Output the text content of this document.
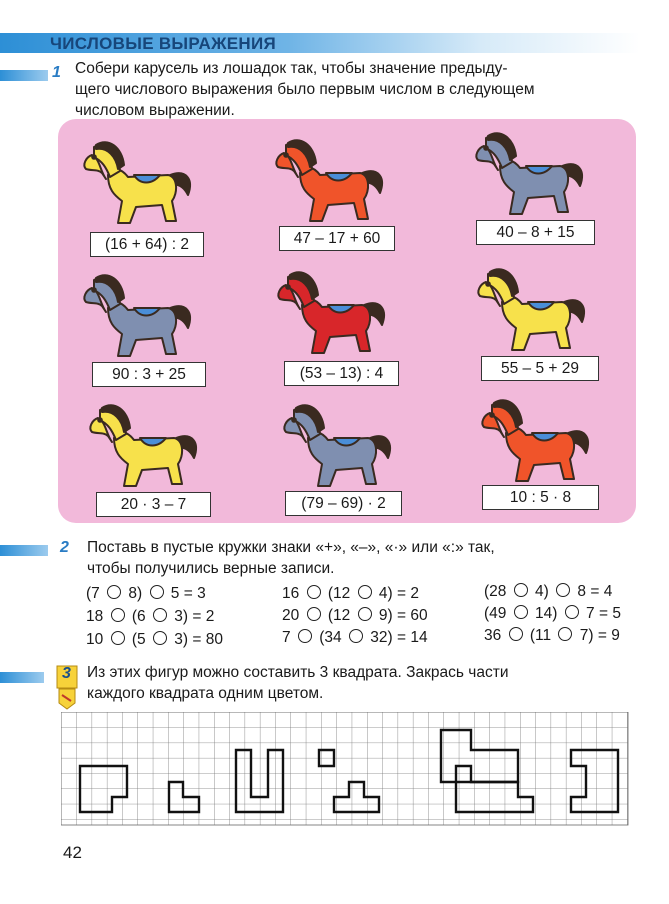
ЧИСЛОВЫЕ ВЫРАЖЕНИЯ
1 Собери карусель из лошадок так, чтобы значение предыду-
щего числового выражения было первым числом в следующем
числовом выражении.
(16 + 64) : 2	47 – 17 + 60	40 – 8 + 15
90 : 3 + 25	(53 – 13) : 4	55 – 5 + 29
20 · 3 – 7	(79 – 69) · 2	10 : 5 · 8
2 Поставь в пустые кружки знаки «+», «–», «·» или «:» так,
чтобы получились верные записи.
(7  8)  5 = 3	16  (12  4) = 2	(28  4)  8 = 4
18  (6  3) = 2	20  (12  9) = 60	(49  14)  7 = 5
10  (5  3) = 80	7  (34  32) = 14	36  (11  7) = 9
3 Из этих фигур можно составить 3 квадрата. Закрась части
каждого квадрата одним цветом.
42
